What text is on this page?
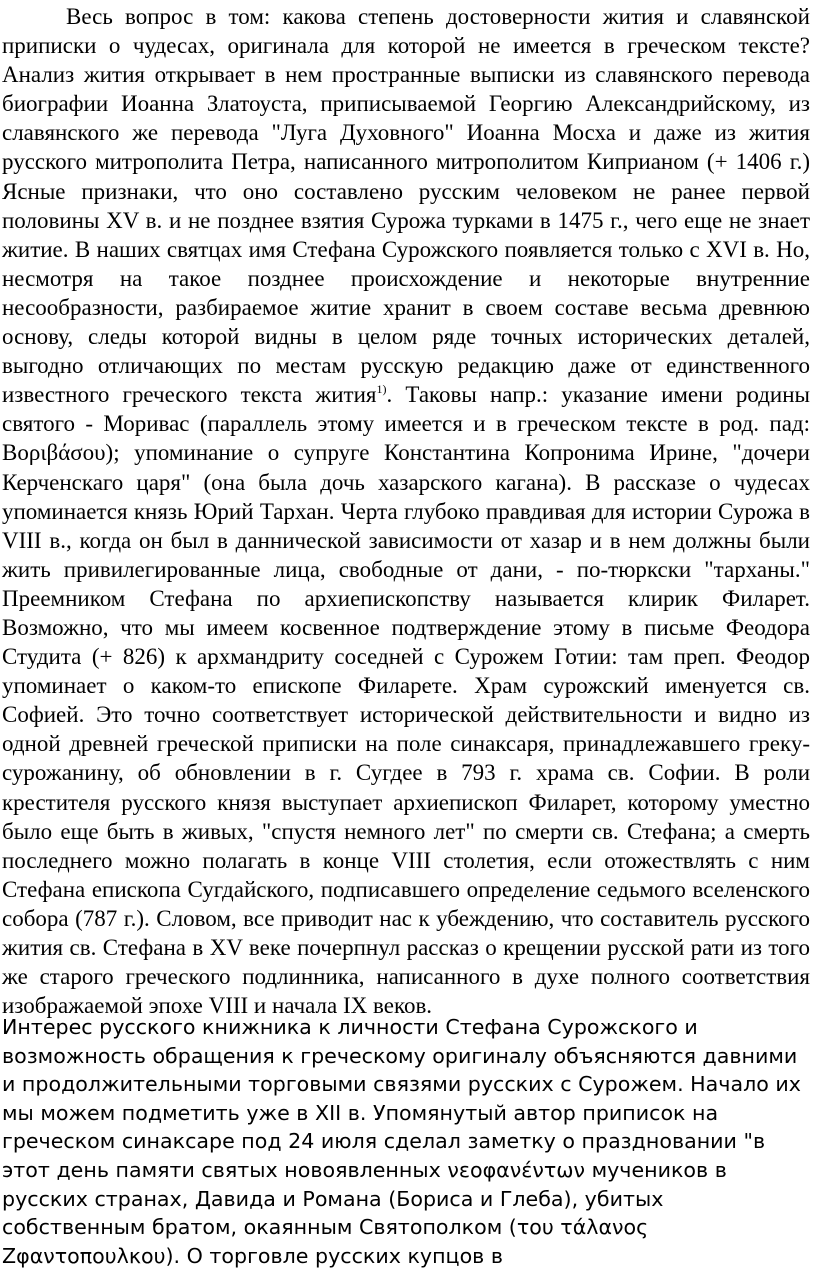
Весь вопрос в том: какова степень достоверности жития и славянской приписки о чудесах, оригинала для которой не имеется в греческом тексте? Анализ жития открывает в нем пространные выписки из славянского перевода биографии Иоанна Златоуста, приписываемой Георгию Александрийскому, из славянского же перевода "Луга Духовного" Иоанна Мосха и даже из жития русского митрополита Петра, написанного митрополитом Киприаном (+ 1406 г.) Ясные признаки, что оно составлено русским человеком не ранее первой половины XV в. и не позднее взятия Сурожа турками в 1475 г., чего еще не знает житие. В наших святцах имя Стефана Сурожского появляется только с XVI в. Но, несмотря на такое позднее происхождение и некоторые внутренние несообразности, разбираемое житие хранит в своем составе весьма древнюю основу, следы которой видны в целом ряде точных исторических деталей, выгодно отличающих по местам русскую редакцию даже от единственного известного греческого текста жития$^{1)}$. Таковы напр.: указание имени родины святого - Моривас (параллель этому имеется и в греческом тексте в род. пад: Βοριβάσου); упоминание о супруге Константина Копронима Ирине, "дочери Керченскаго царя" (она была дочь хазарского кагана). В рассказе о чудесах упоминается князь Юрий Тархан. Черта глубоко правдивая для истории Сурожа в VIII в., когда он был в даннической зависимости от хазар и в нем должны были жить привилегированные лица, свободные от дани, - по-тюркски "тарханы." Преемником Стефана по архиепископству называется клирик Филарет. Возможно, что мы имеем косвенное подтверждение этому в письме Феодора Студита (+ 826) к архмандриту соседней с Сурожем Готии: там преп. Феодор упоминает о каком-то епископе Филарете. Храм сурожский именуется св. Софией. Это точно соответствует исторической действительности и видно из одной древней греческой приписки на поле синаксаря, принадлежавшего греку-сурожанину, об обновлении в г. Сугдее в 793 г. храма св. Софии. В роли крестителя русского князя выступает архиепископ Филарет, которому уместно было еще быть в живых, "спустя немного лет" по смерти св. Стефана; а смерть последнего можно полагать в конце VIII столетия, если отожествлять с ним Стефана епископа Сугдайского, подписавшего определение седьмого вселенского собора (787 г.). Словом, все приводит нас к убеждению, что составитель русского жития св. Стефана в XV веке почерпнул рассказ о крещении русской рати из того же старого греческого подлинника, написанного в духе полного соответствия изображаемой эпохе VIII и начала IX веков.

Интерес русского книжника к личности Стефана Сурожского и возможность обращения к греческому оригиналу объясняются давними и продолжительными торговыми связями русских с Сурожем. Начало их мы можем подметить уже в XII в. Упомянутый автор приписок на греческом синаксаре под 24 июля сделал заметку о праздновании "в этот день памяти святых новоявленных νεοφανέντων мучеников в русских странах, Давида и Романа (Бориса и Глеба), убитых собственным братом, окаянным Святополком (του τάλανος Ζφαντοπουλκου). О торговле русских купцов в
